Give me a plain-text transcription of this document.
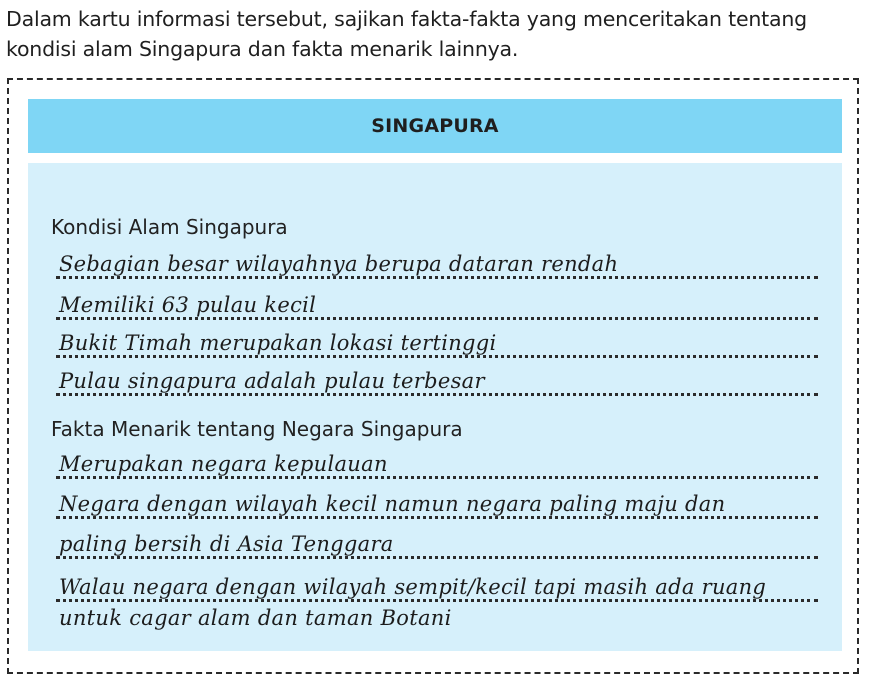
Dalam kartu informasi tersebut, sajikan fakta-fakta yang menceritakan tentang
kondisi alam Singapura dan fakta menarik lainnya.
SINGAPURA
Kondisi Alam Singapura
Sebagian besar wilayahnya berupa dataran rendah
Memiliki 63 pulau kecil
Bukit Timah merupakan lokasi tertinggi
Pulau singapura adalah pulau terbesar
Fakta Menarik tentang Negara Singapura
Merupakan negara kepulauan
Negara dengan wilayah kecil namun negara paling maju dan
paling bersih di Asia Tenggara
Walau negara dengan wilayah sempit/kecil tapi masih ada ruang
untuk cagar alam dan taman Botani
